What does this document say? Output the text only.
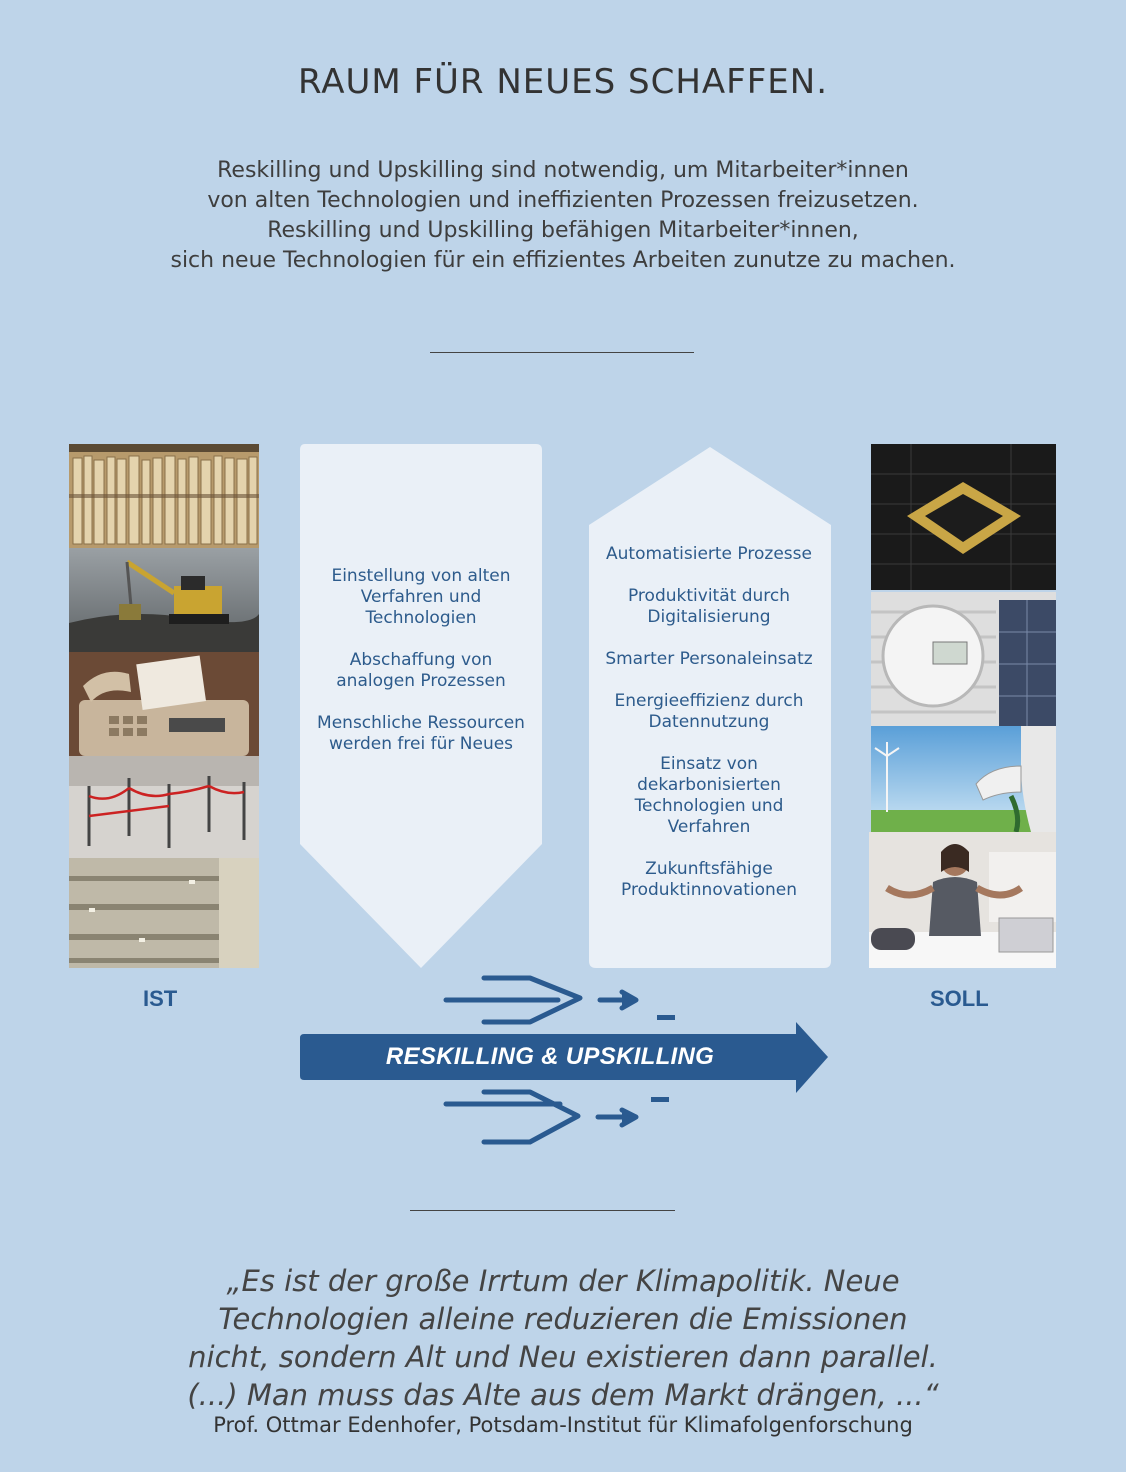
RAUM FÜR NEUES SCHAFFEN.
Reskilling und Upskilling sind notwendig, um Mitarbeiter*innen
von alten Technologien und ineffizienten Prozessen freizusetzen.
Reskilling und Upskilling befähigen Mitarbeiter*innen,
sich neue Technologien für ein effizientes Arbeiten zunutze zu machen.

Einstellung von alten Verfahren und Technologien

Abschaffung von analogen Prozessen

Menschliche Ressourcen werden frei für Neues

Automatisierte Prozesse

Produktivität durch Digitalisierung

Smarter Personaleinsatz

Energieeffizienz durch Datennutzung

Einsatz von dekarbonisierten Technologien und Verfahren

Zukunftsfähige Produktinnovationen

IST	SOLL
RESKILLING & UPSKILLING
„Es ist der große Irrtum der Klimapolitik. Neue
Technologien alleine reduzieren die Emissionen
nicht, sondern Alt und Neu existieren dann parallel.
(...) Man muss das Alte aus dem Markt drängen, ...“
Prof. Ottmar Edenhofer, Potsdam-Institut für Klimafolgenforschung
